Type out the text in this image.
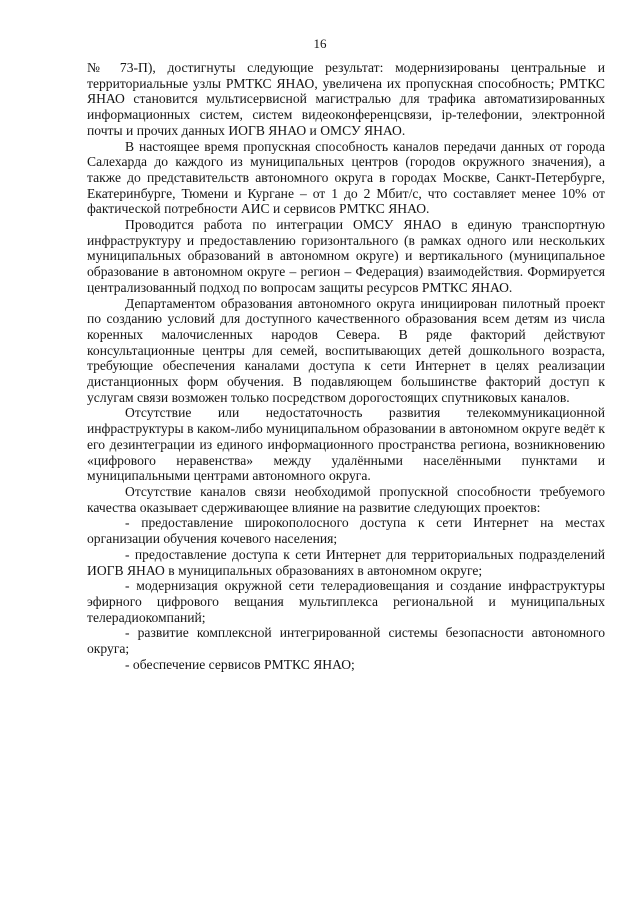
16

№ 73-П), достигнуты следующие результат: модернизированы центральные и территориальные узлы РМТКС ЯНАО, увеличена их пропускная способность; РМТКС ЯНАО становится мультисервисной магистралью для трафика автоматизированных информационных систем, систем видеоконференцсвязи, ip-телефонии, электронной почты и прочих данных ИОГВ ЯНАО и ОМСУ ЯНАО.

В настоящее время пропускная способность каналов передачи данных от города Салехарда до каждого из муниципальных центров (городов окружного значения), а также до представительств автономного округа в городах Москве, Санкт-Петербурге, Екатеринбурге, Тюмени и Кургане – от 1 до 2 Мбит/с, что составляет менее 10% от фактической потребности АИС и сервисов РМТКС ЯНАО.

Проводится работа по интеграции ОМСУ ЯНАО в единую транспортную инфраструктуру и предоставлению горизонтального (в рамках одного или нескольких муниципальных образований в автономном округе) и вертикального (муниципальное образование в автономном округе – регион – Федерация) взаимодействия. Формируется централизованный подход по вопросам защиты ресурсов РМТКС ЯНАО.

Департаментом образования автономного округа инициирован пилотный проект по созданию условий для доступного качественного образования всем детям из числа коренных малочисленных народов Севера. В ряде факторий действуют консультационные центры для семей, воспитывающих детей дошкольного возраста, требующие обеспечения каналами доступа к сети Интернет в целях реализации дистанционных форм обучения. В подавляющем большинстве факторий доступ к услугам связи возможен только посредством дорогостоящих спутниковых каналов.

Отсутствие или недостаточность развития телекоммуникационной инфраструктуры в каком-либо муниципальном образовании в автономном округе ведёт к его дезинтеграции из единого информационного пространства региона, возникновению «цифрового неравенства» между удалёнными населёнными пунктами и муниципальными центрами автономного округа.

Отсутствие каналов связи необходимой пропускной способности требуемого качества оказывает сдерживающее влияние на развитие следующих проектов:

- предоставление широкополосного доступа к сети Интернет на местах организации обучения кочевого населения;

- предоставление доступа к сети Интернет для территориальных подразделений ИОГВ ЯНАО в муниципальных образованиях в автономном округе;

- модернизация окружной сети телерадиовещания и создание инфраструктуры эфирного цифрового вещания мультиплекса региональной и муниципальных телерадиокомпаний;

- развитие комплексной интегрированной системы безопасности автономного округа;

- обеспечение сервисов РМТКС ЯНАО;
